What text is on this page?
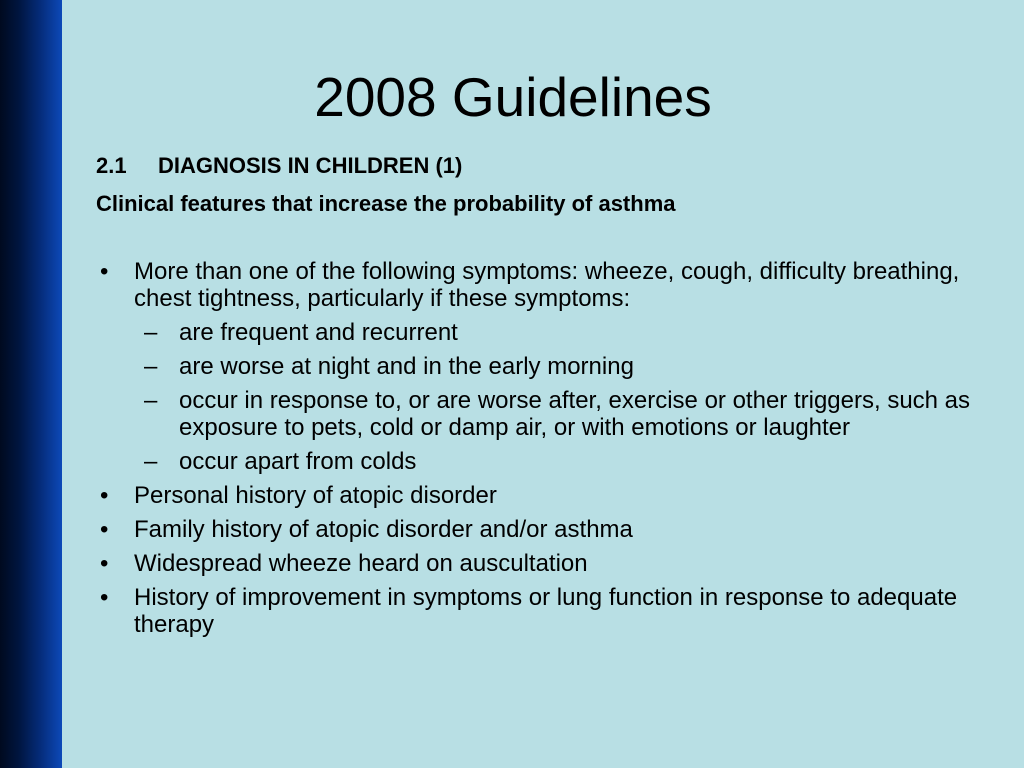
2008 Guidelines
2.1 DIAGNOSIS IN CHILDREN (1)
Clinical features that increase the probability of asthma
• More than one of the following symptoms: wheeze, cough, difficulty breathing, chest tightness, particularly if these symptoms:
– are frequent and recurrent
– are worse at night and in the early morning
– occur in response to, or are worse after, exercise or other triggers, such as exposure to pets, cold or damp air, or with emotions or laughter
– occur apart from colds
• Personal history of atopic disorder
• Family history of atopic disorder and/or asthma
• Widespread wheeze heard on auscultation
• History of improvement in symptoms or lung function in response to adequate therapy
